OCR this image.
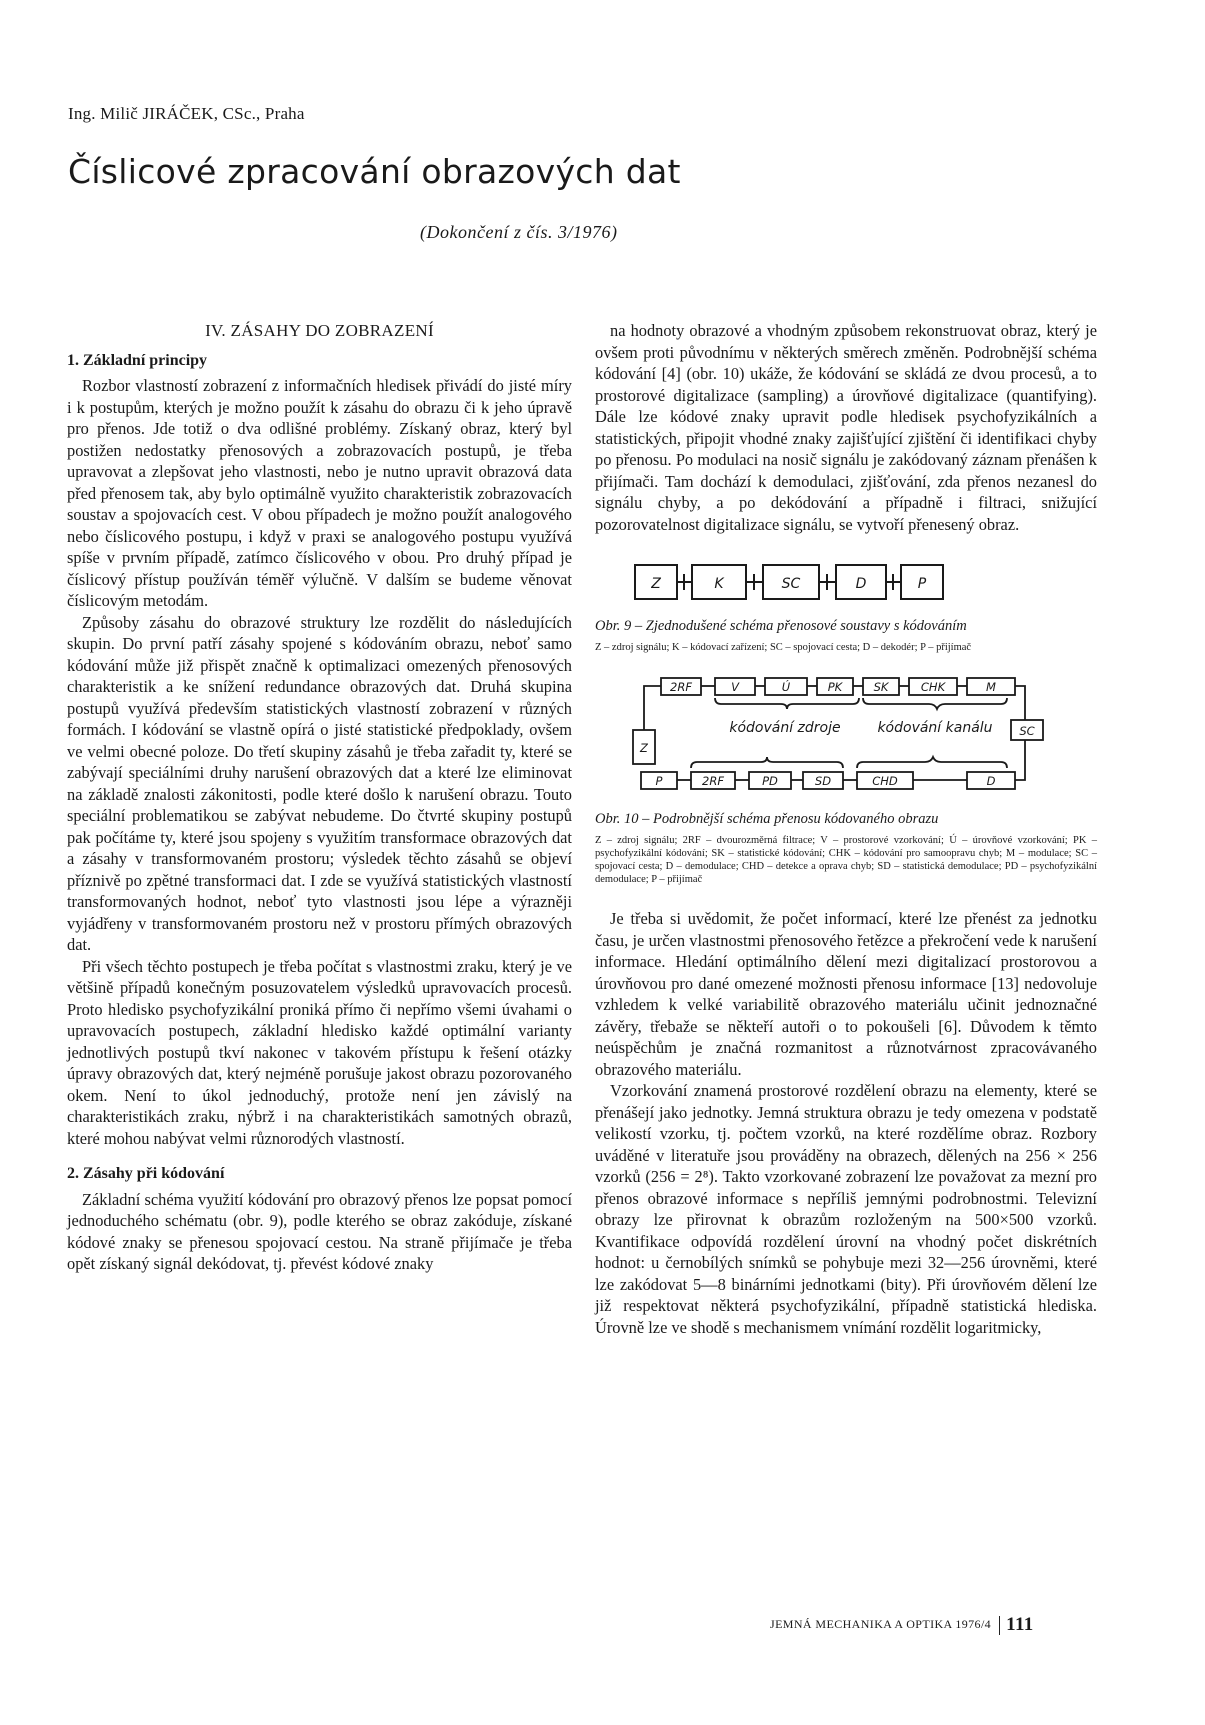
Ing. Milič JIRÁČEK, CSc., Praha
Číslicové zpracování obrazových dat
(Dokončení z čís. 3/1976)
IV. ZÁSAHY DO ZOBRAZENÍ
1. Základní principy

Rozbor vlastností zobrazení z informačních hledisek přivádí do jisté míry i k postupům, kterých je možno použít k zásahu do obrazu či k jeho úpravě pro přenos. Jde totiž o dva odlišné problémy. Získaný obraz, který byl postižen nedostatky přenosových a zobrazovacích postupů, je třeba upravovat a zlepšovat jeho vlastnosti, nebo je nutno upravit obrazová data před přenosem tak, aby bylo optimálně využito charakteristik zobrazovacích soustav a spojovacích cest. V obou případech je možno použít analogového nebo číslicového postupu, i když v praxi se analogového postupu využívá spíše v prvním případě, zatímco číslicového v obou. Pro druhý případ je číslicový přístup používán téměř výlučně. V dalším se budeme věnovat číslicovým metodám.

Způsoby zásahu do obrazové struktury lze rozdělit do následujících skupin. Do první patří zásahy spojené s kódováním obrazu, neboť samo kódování může již přispět značně k optimalizaci omezených přenosových charakteristik a ke snížení redundance obrazových dat. Druhá skupina postupů využívá především statistických vlastností zobrazení v různých formách. I kódování se vlastně opírá o jisté statistické předpoklady, ovšem ve velmi obecné poloze. Do třetí skupiny zásahů je třeba zařadit ty, které se zabývají speciálními druhy narušení obrazových dat a které lze eliminovat na základě znalosti zákonitosti, podle které došlo k narušení obrazu. Touto speciální problematikou se zabývat nebudeme. Do čtvrté skupiny postupů pak počítáme ty, které jsou spojeny s využitím transformace obrazových dat a zásahy v transformovaném prostoru; výsledek těchto zásahů se objeví příznivě po zpětné transformaci dat. I zde se využívá statistických vlastností transformovaných hodnot, neboť tyto vlastnosti jsou lépe a výrazněji vyjádřeny v transformovaném prostoru než v prostoru přímých obrazových dat.

Při všech těchto postupech je třeba počítat s vlastnostmi zraku, který je ve většině případů konečným posuzovatelem výsledků upravovacích procesů. Proto hledisko psychofyzikální proniká přímo či nepřímo všemi úvahami o upravovacích postupech, základní hledisko každé optimální varianty jednotlivých postupů tkví nakonec v takovém přístupu k řešení otázky úpravy obrazových dat, který nejméně porušuje jakost obrazu pozorovaného okem. Není to úkol jednoduchý, protože není jen závislý na charakteristikách zraku, nýbrž i na charakteristikách samotných obrazů, které mohou nabývat velmi různorodých vlastností.

2. Zásahy při kódování

Základní schéma využití kódování pro obrazový přenos lze popsat pomocí jednoduchého schématu (obr. 9), podle kterého se obraz zakóduje, získané kódové znaky se přenesou spojovací cestou. Na straně přijímače je třeba opět získaný signál dekódovat, tj. převést kódové znaky

na hodnoty obrazové a vhodným způsobem rekonstruovat obraz, který je ovšem proti původnímu v některých směrech změněn. Podrobnější schéma kódování [4] (obr. 10) ukáže, že kódování se skládá ze dvou procesů, a to prostorové digitalizace (sampling) a úrovňové digitalizace (quantifying). Dále lze kódové znaky upravit podle hledisek psychofyzikálních a statistických, připojit vhodné znaky zajišťující zjištění či identifikaci chyby po přenosu. Po modulaci na nosič signálu je zakódovaný záznam přenášen k přijímači. Tam dochází k demodulaci, zjišťování, zda přenos nezanesl do signálu chyby, a po dekódování a případně i filtraci, snižující pozorovatelnost digitalizace signálu, se vytvoří přenesený obraz.

Z	K	SC	D	P
Obr. 9 – Zjednodušené schéma přenosové soustavy s kódováním
Z – zdroj signálu; K – kódovací zařízení; SC – spojovací cesta; D – dekodér; P – přijímač
2RF	V	Ú	PK	SK	CHK	M
Z
SC
P	2RF	PD	SD	CHD	D
kódování zdroje	kódování kanálu
Obr. 10 – Podrobnější schéma přenosu kódovaného obrazu
Z – zdroj signálu; 2RF – dvourozměrná filtrace; V – prostorové vzorkování; Ú – úrovňové vzorkování; PK – psychofyzikální kódování; SK – statistické kódování; CHK – kódování pro samoopravu chyb; M – modulace; SC – spojovací cesta; D – demodulace; CHD – detekce a oprava chyb; SD – statistická demodulace; PD – psychofyzikální demodulace; P – přijímač

Je třeba si uvědomit, že počet informací, které lze přenést za jednotku času, je určen vlastnostmi přenosového řetězce a překročení vede k narušení informace. Hledání optimálního dělení mezi digitalizací prostorovou a úrovňovou pro dané omezené možnosti přenosu informace [13] nedovoluje vzhledem k velké variabilitě obrazového materiálu učinit jednoznačné závěry, třebaže se někteří autoři o to pokoušeli [6]. Důvodem k těmto neúspěchům je značná rozmanitost a různotvárnost zpracovávaného obrazového materiálu.

Vzorkování znamená prostorové rozdělení obrazu na elementy, které se přenášejí jako jednotky. Jemná struktura obrazu je tedy omezena v podstatě velikostí vzorku, tj. počtem vzorků, na které rozdělíme obraz. Rozbory uváděné v literatuře jsou prováděny na obrazech, dělených na 256 × 256 vzorků (256 = 2⁸). Takto vzorkované zobrazení lze považovat za mezní pro přenos obrazové informace s nepříliš jemnými podrobnostmi. Televizní obrazy lze přirovnat k obrazům rozloženým na 500×500 vzorků. Kvantifikace odpovídá rozdělení úrovní na vhodný počet diskrétních hodnot: u černobílých snímků se pohybuje mezi 32—256 úrovněmi, které lze zakódovat 5—8 binárními jednotkami (bity). Při úrovňovém dělení lze již respektovat některá psychofyzikální, případně statistická hlediska. Úrovně lze ve shodě s mechanismem vnímání rozdělit logaritmicky,

JEMNÁ MECHANIKA A OPTIKA 1976/4 111
